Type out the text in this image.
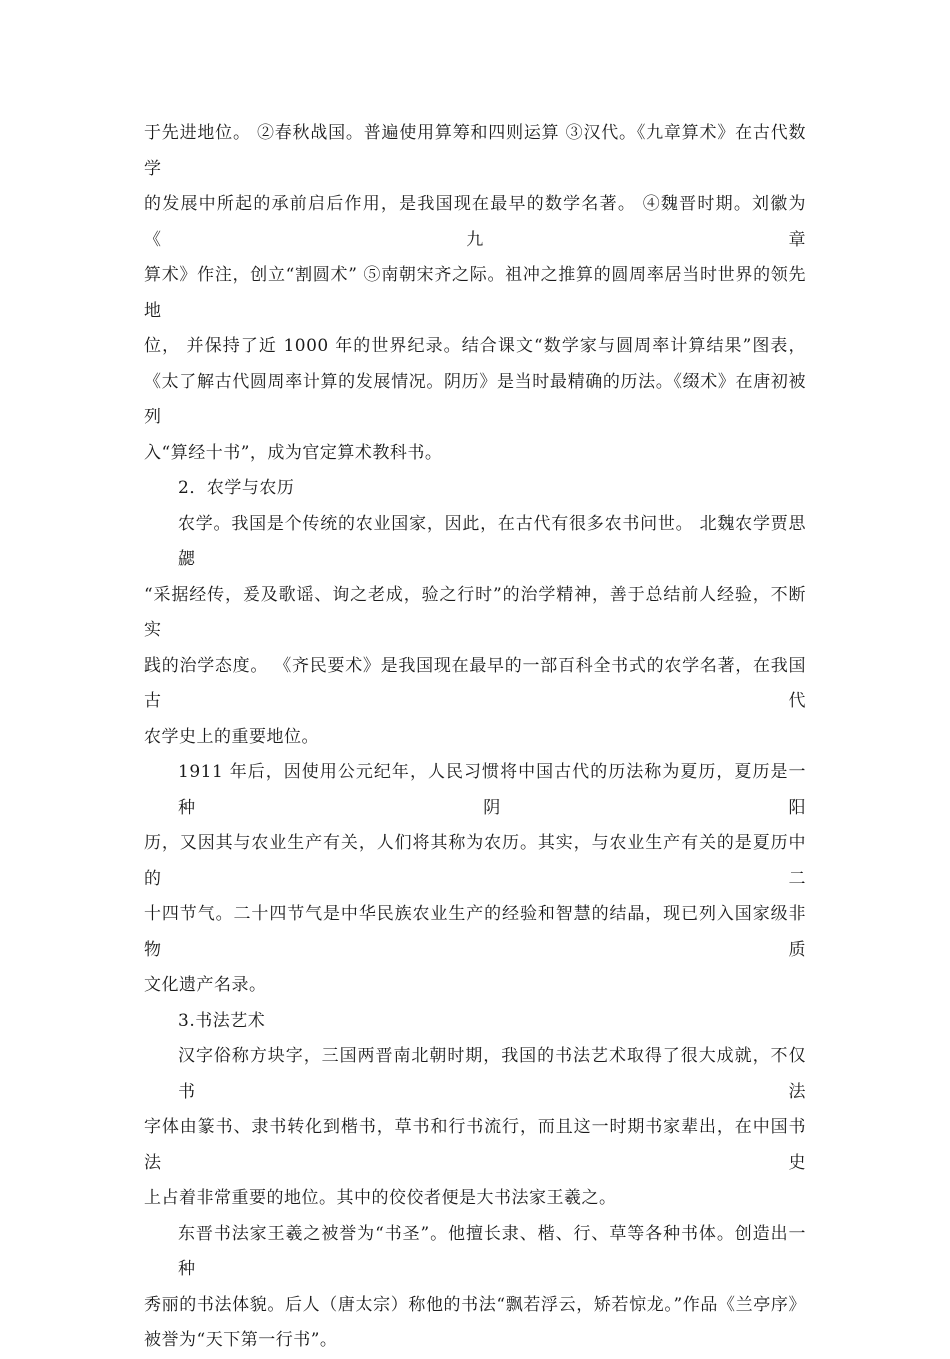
于先进地位。 ②春秋战国。普遍使用算筹和四则运算 ③汉代。《九章算术》在古代数学

的发展中所起的承前启后作用，是我国现在最早的数学名著。 ④魏晋时期。刘徽为《九章

算术》作注，创立“割圆术” ⑤南朝宋齐之际。祖冲之推算的圆周率居当时世界的领先地

位， 并保持了近 1000 年的世界纪录。结合课文“数学家与圆周率计算结果”图表，

《太了解古代圆周率计算的发展情况。阴历》是当时最精确的历法。《缀术》在唐初被列

入“算经十书”，成为官定算术教科书。

2．农学与农历

农学。我国是个传统的农业国家，因此，在古代有很多农书问世。 北魏农学贾思勰

“采据经传，爰及歌谣、询之老成，验之行时”的治学精神，善于总结前人经验，不断实

践的治学态度。 《齐民要术》是我国现在最早的一部百科全书式的农学名著，在我国古代

农学史上的重要地位。

1911 年后，因使用公元纪年，人民习惯将中国古代的历法称为夏历，夏历是一种阴阳

历，又因其与农业生产有关，人们将其称为农历。其实，与农业生产有关的是夏历中的二

十四节气。二十四节气是中华民族农业生产的经验和智慧的结晶，现已列入国家级非物质

文化遗产名录。

3.书法艺术

汉字俗称方块字，三国两晋南北朝时期，我国的书法艺术取得了很大成就，不仅书法

字体由篆书、隶书转化到楷书，草书和行书流行，而且这一时期书家辈出，在中国书法史

上占着非常重要的地位。其中的佼佼者便是大书法家王羲之。

东晋书法家王羲之被誉为“书圣”。他擅长隶、楷、行、草等各种书体。创造出一种

秀丽的书法体貌。后人（唐太宗）称他的书法“飘若浮云，矫若惊龙。”作品《兰亭序》

被誉为“天下第一行书”。
